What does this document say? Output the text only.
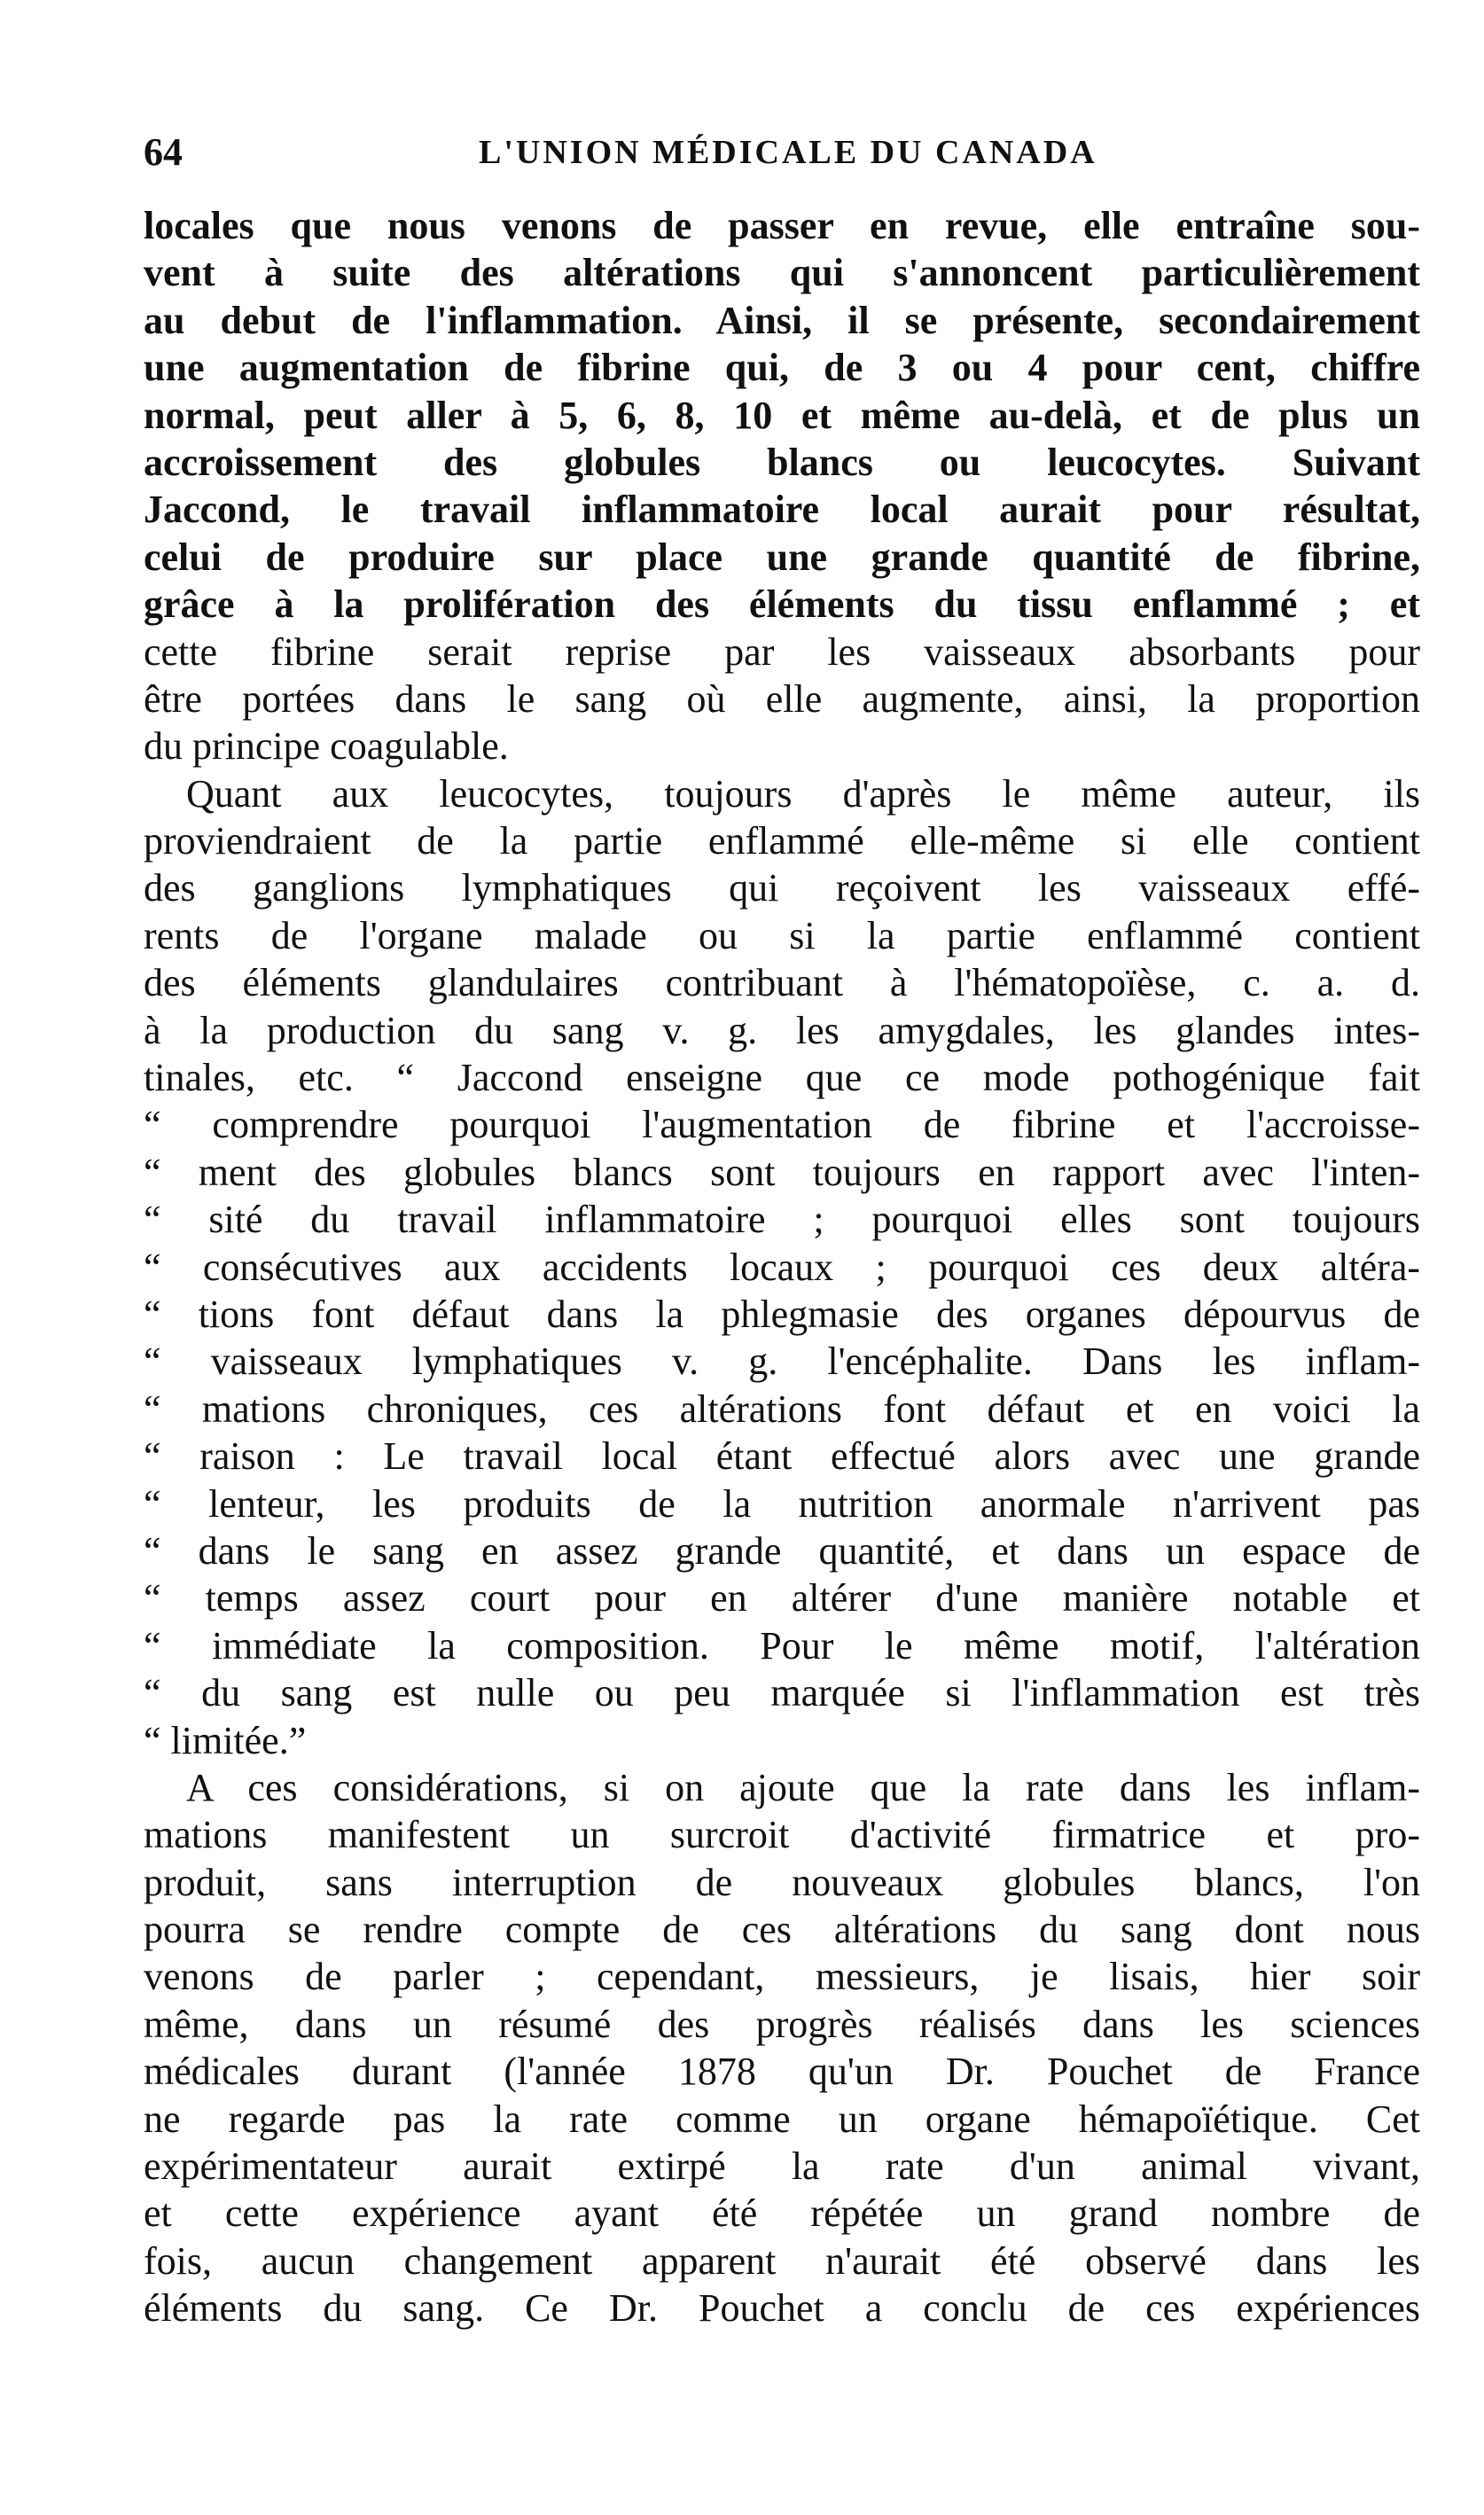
64	L'UNION MÉDICALE DU CANADA
locales que nous venons de passer en revue, elle entraîne sou-
vent à suite des altérations qui s'annoncent particulièrement
au debut de l'inflammation. Ainsi, il se présente, secondairement
une augmentation de fibrine qui, de 3 ou 4 pour cent, chiffre
normal, peut aller à 5, 6, 8, 10 et même au-delà, et de plus un
accroissement des globules blancs ou leucocytes. Suivant
Jaccond, le travail inflammatoire local aurait pour résultat,
celui de produire sur place une grande quantité de fibrine,
grâce à la prolifération des éléments du tissu enflammé ; et
cette fibrine serait reprise par les vaisseaux absorbants pour
être portées dans le sang où elle augmente, ainsi, la proportion
du principe coagulable.
Quant aux leucocytes, toujours d'après le même auteur, ils
proviendraient de la partie enflammé elle-même si elle contient
des ganglions lymphatiques qui reçoivent les vaisseaux effé-
rents de l'organe malade ou si la partie enflammé contient
des éléments glandulaires contribuant à l'hématopoïèse, c. a. d.
à la production du sang v. g. les amygdales, les glandes intes-
tinales, etc. “ Jaccond enseigne que ce mode pothogénique fait
“ comprendre pourquoi l'augmentation de fibrine et l'accroisse-
“ ment des globules blancs sont toujours en rapport avec l'inten-
“ sité du travail inflammatoire ; pourquoi elles sont toujours
“ consécutives aux accidents locaux ; pourquoi ces deux altéra-
“ tions font défaut dans la phlegmasie des organes dépourvus de
“ vaisseaux lymphatiques v. g. l'encéphalite. Dans les inflam-
“ mations chroniques, ces altérations font défaut et en voici la
“ raison : Le travail local étant effectué alors avec une grande
“ lenteur, les produits de la nutrition anormale n'arrivent pas
“ dans le sang en assez grande quantité, et dans un espace de
“ temps assez court pour en altérer d'une manière notable et
“ immédiate la composition. Pour le même motif, l'altération
“ du sang est nulle ou peu marquée si l'inflammation est très
“ limitée.”
A ces considérations, si on ajoute que la rate dans les inflam-
mations manifestent un surcroit d'activité firmatrice et pro-
produit, sans interruption de nouveaux globules blancs, l'on
pourra se rendre compte de ces altérations du sang dont nous
venons de parler ; cependant, messieurs, je lisais, hier soir
même, dans un résumé des progrès réalisés dans les sciences
médicales durant (l'année 1878 qu'un Dr. Pouchet de France
ne regarde pas la rate comme un organe hémapoïétique. Cet
expérimentateur aurait extirpé la rate d'un animal vivant,
et cette expérience ayant été répétée un grand nombre de
fois, aucun changement apparent n'aurait été observé dans les
éléments du sang. Ce Dr. Pouchet a conclu de ces expériences
